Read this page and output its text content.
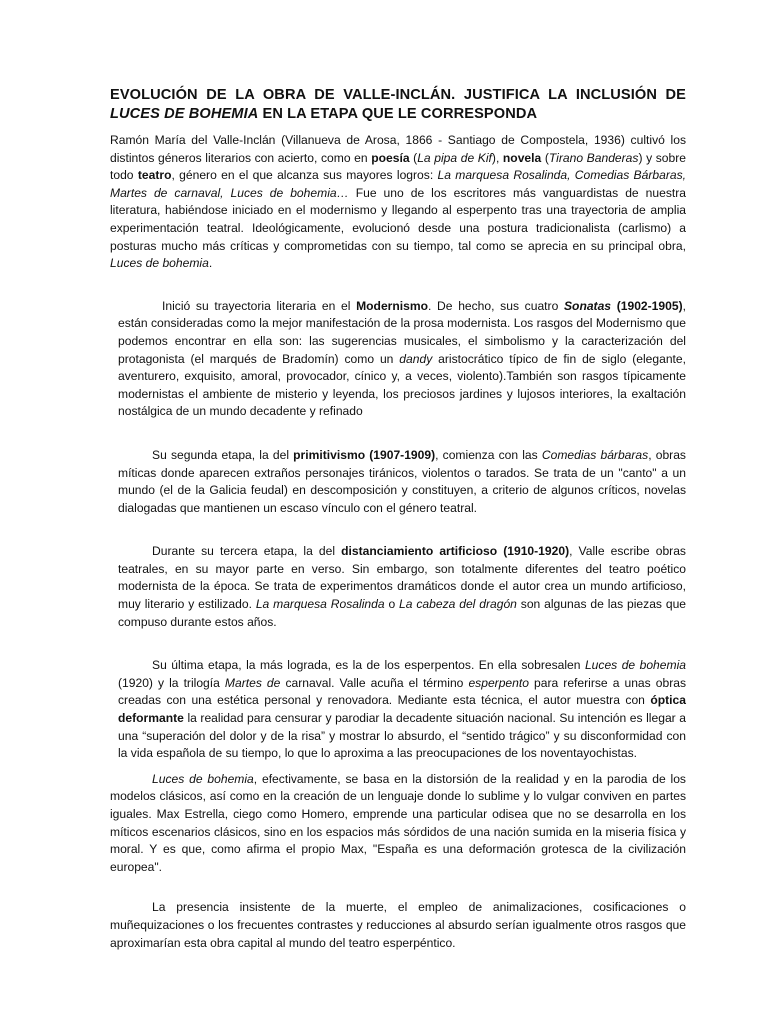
EVOLUCIÓN DE LA OBRA DE VALLE-INCLÁN. JUSTIFICA LA INCLUSIÓN DE LUCES DE BOHEMIA EN LA ETAPA QUE LE CORRESPONDA

Ramón María del Valle-Inclán (Villanueva de Arosa, 1866 - Santiago de Compostela, 1936) cultivó los distintos géneros literarios con acierto, como en poesía (La pipa de Kif), novela (Tirano Banderas) y sobre todo teatro, género en el que alcanza sus mayores logros: La marquesa Rosalinda, Comedias Bárbaras, Martes de carnaval, Luces de bohemia… Fue uno de los escritores más vanguardistas de nuestra literatura, habiéndose iniciado en el modernismo y llegando al esperpento tras una trayectoria de amplia experimentación teatral. Ideológicamente, evolucionó desde una postura tradicionalista (carlismo) a posturas mucho más críticas y comprometidas con su tiempo, tal como se aprecia en su principal obra, Luces de bohemia.

Inició su trayectoria literaria en el Modernismo. De hecho, sus cuatro Sonatas (1902-1905), están consideradas como la mejor manifestación de la prosa modernista. Los rasgos del Modernismo que podemos encontrar en ella son: las sugerencias musicales, el simbolismo y la caracterización del protagonista (el marqués de Bradomín) como un dandy aristocrático típico de fin de siglo (elegante, aventurero, exquisito, amoral, provocador, cínico y, a veces, violento).También son rasgos típicamente modernistas el ambiente de misterio y leyenda, los preciosos jardines y lujosos interiores, la exaltación nostálgica de un mundo decadente y refinado

Su segunda etapa, la del primitivismo (1907-1909), comienza con las Comedias bárbaras, obras míticas donde aparecen extraños personajes tiránicos, violentos o tarados. Se trata de un "canto" a un mundo (el de la Galicia feudal) en descomposición y constituyen, a criterio de algunos críticos, novelas dialogadas que mantienen un escaso vínculo con el género teatral.

Durante su tercera etapa, la del distanciamiento artificioso (1910-1920), Valle escribe obras teatrales, en su mayor parte en verso. Sin embargo, son totalmente diferentes del teatro poético modernista de la época. Se trata de experimentos dramáticos donde el autor crea un mundo artificioso, muy literario y estilizado. La marquesa Rosalinda o La cabeza del dragón son algunas de las piezas que compuso durante estos años.

Su última etapa, la más lograda, es la de los esperpentos. En ella sobresalen Luces de bohemia (1920) y la trilogía Martes de carnaval. Valle acuña el término esperpento para referirse a unas obras creadas con una estética personal y renovadora. Mediante esta técnica, el autor muestra con óptica deformante la realidad para censurar y parodiar la decadente situación nacional. Su intención es llegar a una “superación del dolor y de la risa” y mostrar lo absurdo, el “sentido trágico” y su disconformidad con la vida española de su tiempo, lo que lo aproxima a las preocupaciones de los noventayochistas.

Luces de bohemia, efectivamente, se basa en la distorsión de la realidad y en la parodia de los modelos clásicos, así como en la creación de un lenguaje donde lo sublime y lo vulgar conviven en partes iguales. Max Estrella, ciego como Homero, emprende una particular odisea que no se desarrolla en los míticos escenarios clásicos, sino en los espacios más sórdidos de una nación sumida en la miseria física y moral. Y es que, como afirma el propio Max, "España es una deformación grotesca de la civilización europea".

La presencia insistente de la muerte, el empleo de animalizaciones, cosificaciones o muñequizaciones o los frecuentes contrastes y reducciones al absurdo serían igualmente otros rasgos que aproximarían esta obra capital al mundo del teatro esperpéntico.
